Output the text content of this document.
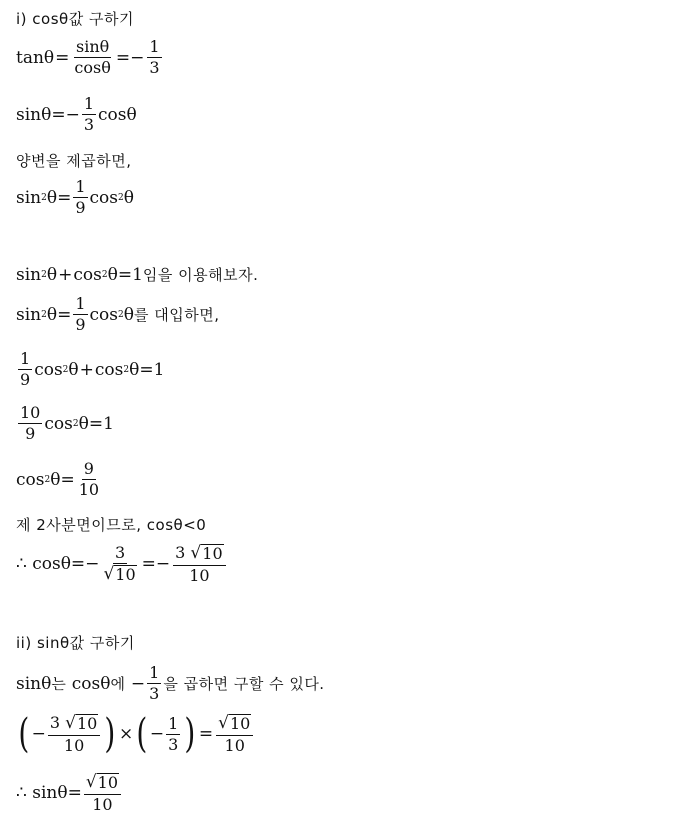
i) cosθ값 구하기
$\tan\theta = \frac{\sin\theta}{\cos\theta} =- \frac{1}{3}$
$\sin\theta=- \frac{1}{3}$ cosθ
양변을 제곱하면,
sin 2 $\theta= \frac{1}{9}$ cos 2 θ
sin 2 θ + cos 2 θ =1 임을 이용해보자.
sin 2 $\theta= \frac{1}{9}$ cos 2 θ 를 대입하면,
$\frac{1}{9}$ cos 2 θ + cos 2 θ =1
$\frac{10}{9}$ cos 2 θ =1
cos 2 $\theta= \frac{9}{10}$
제 2사분면이므로, cosθ<0
∴ $\cos\theta=- \frac{3}{√ 10} =- \frac{3 √ 10}{10}$
ii) sinθ값 구하기
sinθ 는
cosθ 에
− $\frac{1}{3}$ 을 곱하면 구할 수 있다.
( − $\frac{3 √ 10}{10}$ ) × ( − $\frac{1}{3}$ ) = $\frac{√ 10}{10}$
∴ $\sin\theta= \frac{√ 10}{10}$
